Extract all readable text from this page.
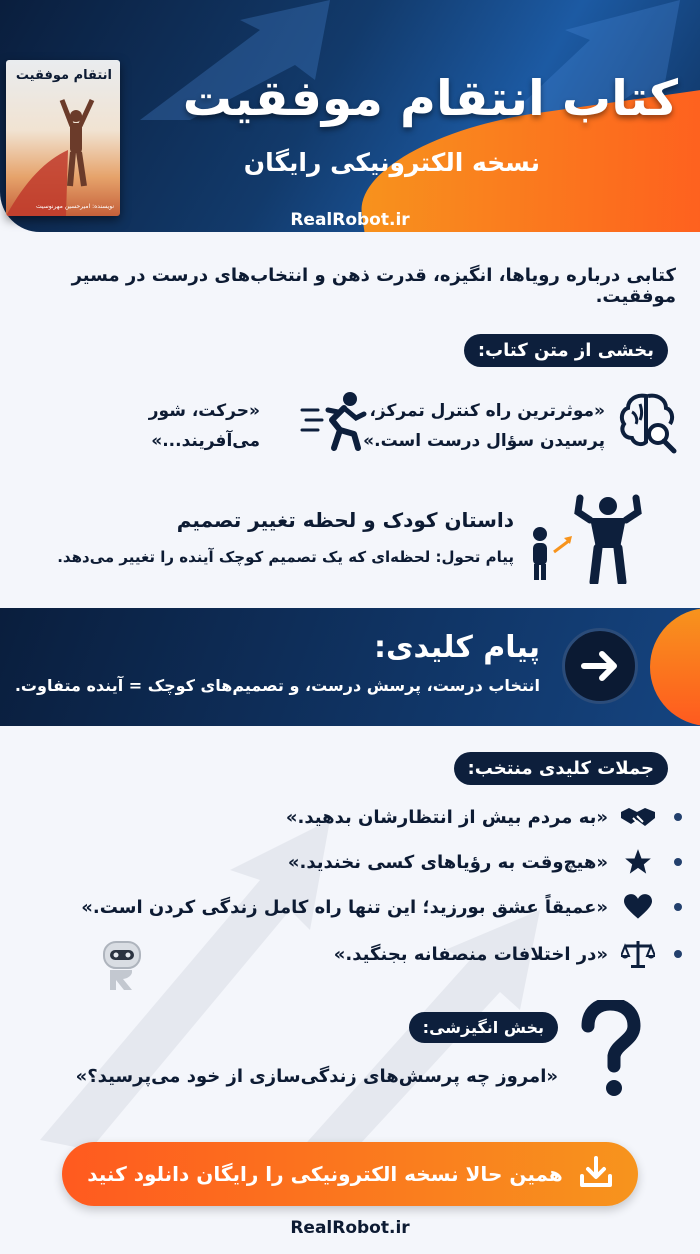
انتقام موفقیت
نویسنده: امیرحسین مهرنوسیت
کتاب انتقام موفقیت
نسخه الکترونیکی رایگان
RealRobot.ir
کتابی درباره رویاها، انگیزه، قدرت ذهن و انتخاب‌های درست در مسیر موفقیت.
بخشی از متن کتاب:
«موثرترین راه کنترل تمرکز،
پرسیدن سؤال درست است.»
«حرکت، شور
می‌آفریند...»
داستان کودک و لحظه تغییر تصمیم
پیام تحول: لحظه‌ای که یک تصمیم کوچک آینده را تغییر می‌دهد.
پیام کلیدی:
انتخاب درست، پرسش درست، و تصمیم‌های کوچک = آینده متفاوت.
جملات کلیدی منتخب:
«به مردم بیش از انتظارشان بدهید.»
«هیچ‌وقت به رؤیاهای کسی نخندید.»
«عمیقاً عشق بورزید؛ این تنها راه کامل زندگی کردن است.»
«در اختلافات منصفانه بجنگید.»
بخش انگیزشی:
«امروز چه پرسش‌های زندگی‌سازی از خود می‌پرسید؟»
همین حالا نسخه الکترونیکی را رایگان دانلود کنید
RealRobot.ir
